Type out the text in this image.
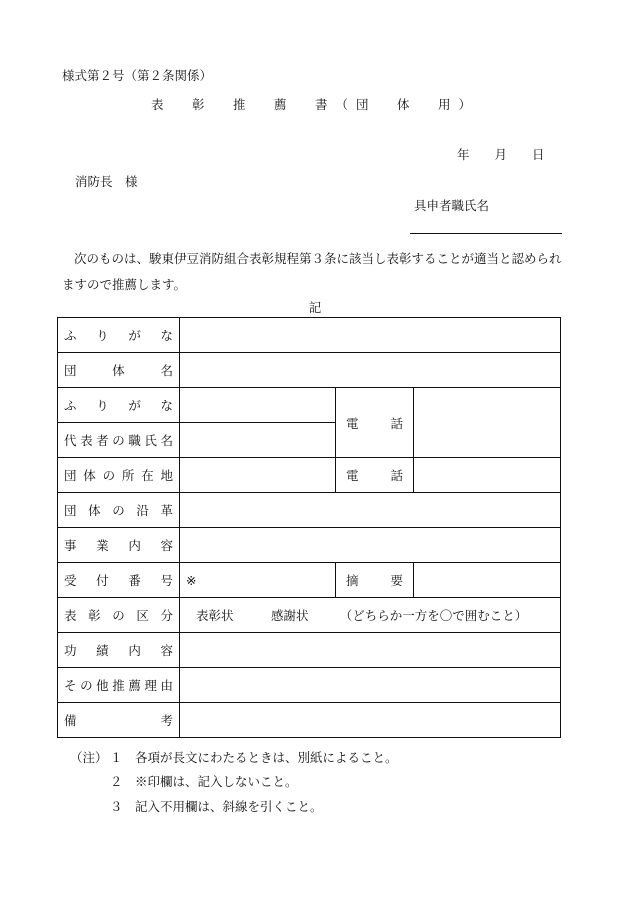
様式第２号（第２条関係）
表　彰　推　薦　書（団　体　用）
年　　月　　日
消防長　様
具申者職氏名
次のものは、駿東伊豆消防組合表彰規程第３条に該当し表彰することが適当と認められますので推薦します。
記
ふりがな			

団体名			

ふりがな		電話	

代表者の職氏名			

団体の所在地		電話	

団体の沿革			

事業内容			

受付番号	※	摘要	

表彰の区分	表彰状　　　感謝状　　　（どちらか一方を〇で囲むこと）		

功績内容			

その他推薦理由			

備考			

（注） １　各項が長文にわたるときは、別紙によること。
２　※印欄は、記入しないこと。
３　記入不用欄は、斜線を引くこと。
